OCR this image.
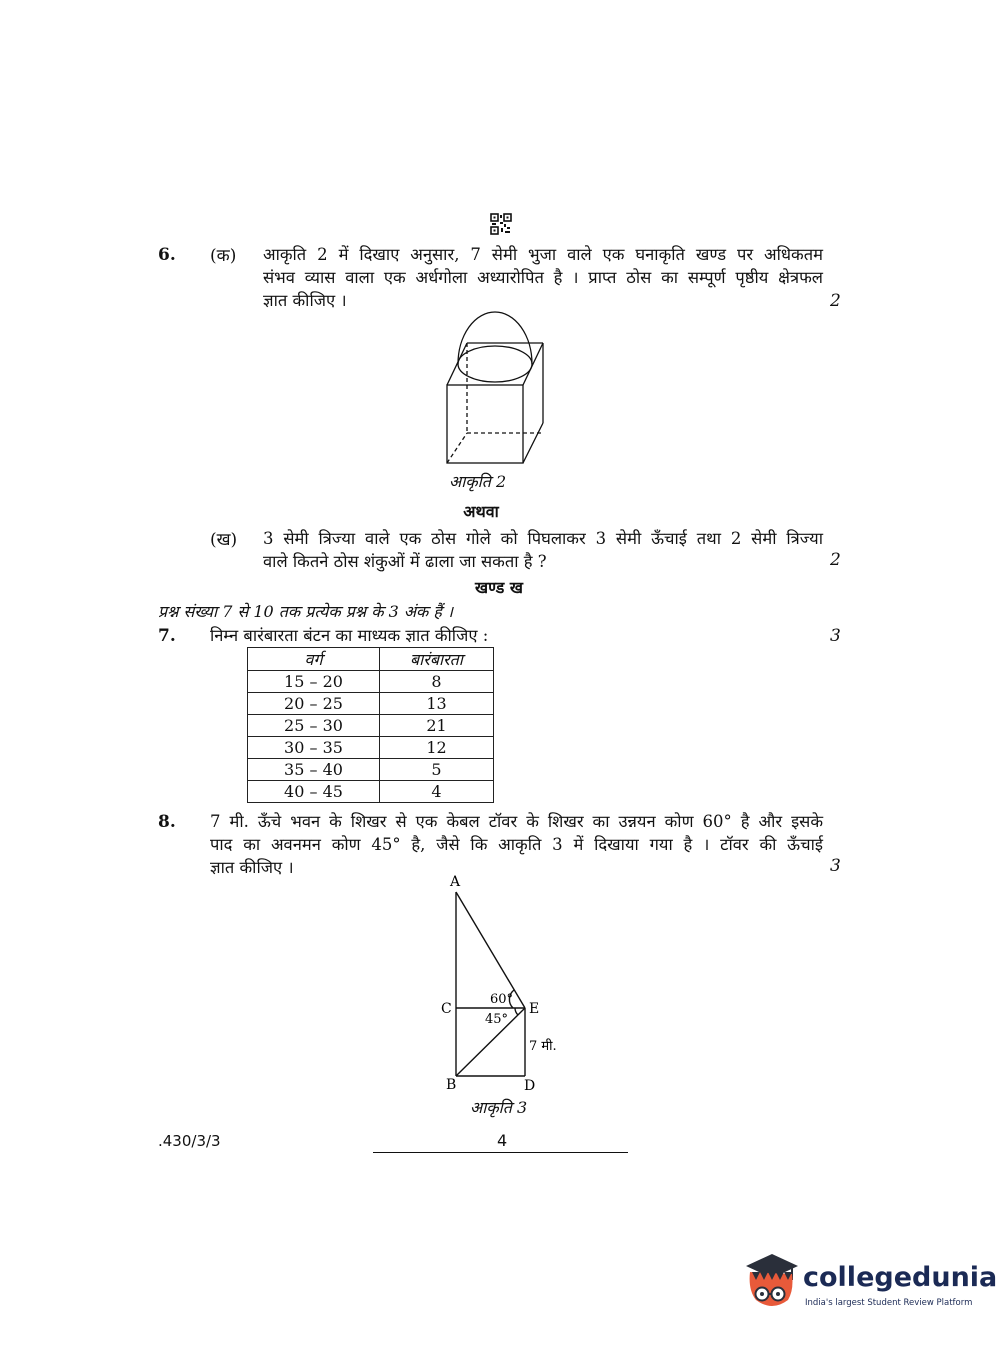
6. (क) आकृति 2 में दिखाए अनुसार, 7 सेमी भुजा वाले एक घनाकृति खण्ड पर अधिकतम
संभव व्यास वाला एक अर्धगोला अध्यारोपित है । प्राप्त ठोस का सम्पूर्ण पृष्ठीय क्षेत्रफल
ज्ञात कीजिए ।	2
आकृति 2
अथवा
(ख) 3 सेमी त्रिज्या वाले एक ठोस गोले को पिघलाकर 3 सेमी ऊँचाई तथा 2 सेमी त्रिज्या
वाले कितने ठोस शंकुओं में ढाला जा सकता है ?	2
खण्ड ख
प्रश्न संख्या 7 से 10 तक प्रत्येक प्रश्न के 3 अंक हैं ।
7. निम्न बारंबारता बंटन का माध्यक ज्ञात कीजिए :	3
वर्ग	बारंबारता
15 – 20	8
20 – 25	13
25 – 30	21
30 – 35	12
35 – 40	5
40 – 45	4
8. 7 मी. ऊँचे भवन के शिखर से एक केबल टॉवर के शिखर का उन्नयन कोण 60° है और इसके
पाद का अवनमन कोण 45° है, जैसे कि आकृति 3 में दिखाया गया है । टॉवर की ऊँचाई
ज्ञात कीजिए ।	3
A
C	E
B	D
60°
45°
7 मी.
आकृति 3
.430/3/3	4
collegedunia
India's largest Student Review Platform
